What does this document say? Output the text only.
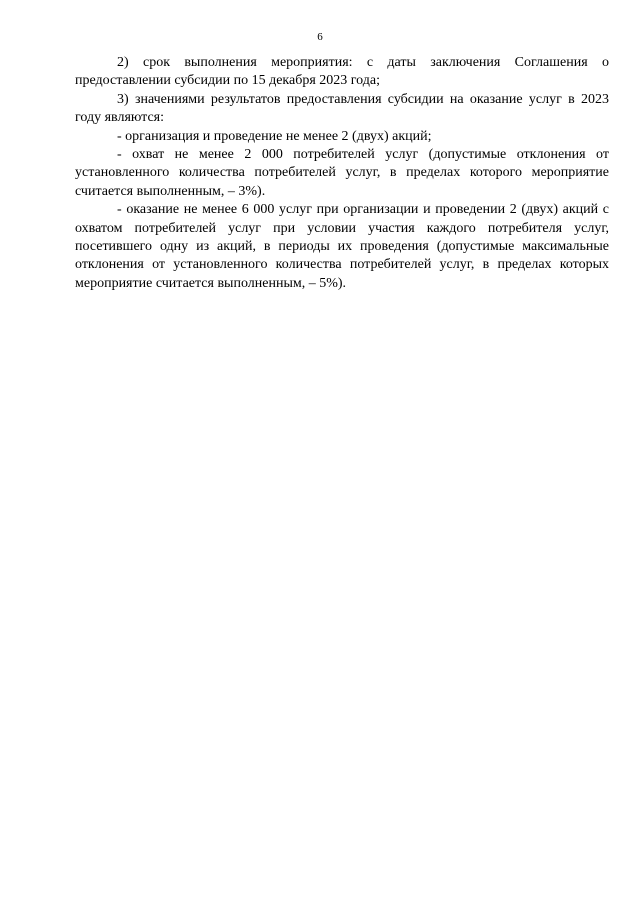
6

2) срок выполнения мероприятия: с даты заключения Соглашения о предоставлении субсидии по 15 декабря 2023 года;

3) значениями результатов предоставления субсидии на оказание услуг в 2023 году являются:

- организация и проведение не менее 2 (двух) акций;

- охват не менее 2 000 потребителей услуг (допустимые отклонения от установленного количества потребителей услуг, в пределах которого мероприятие считается выполненным, – 3%).

- оказание не менее 6 000 услуг при организации и проведении 2 (двух) акций с охватом потребителей услуг при условии участия каждого потребителя услуг, посетившего одну из акций, в периоды их проведения (допустимые максимальные отклонения от установленного количества потребителей услуг, в пределах которых мероприятие считается выполненным, – 5%).
